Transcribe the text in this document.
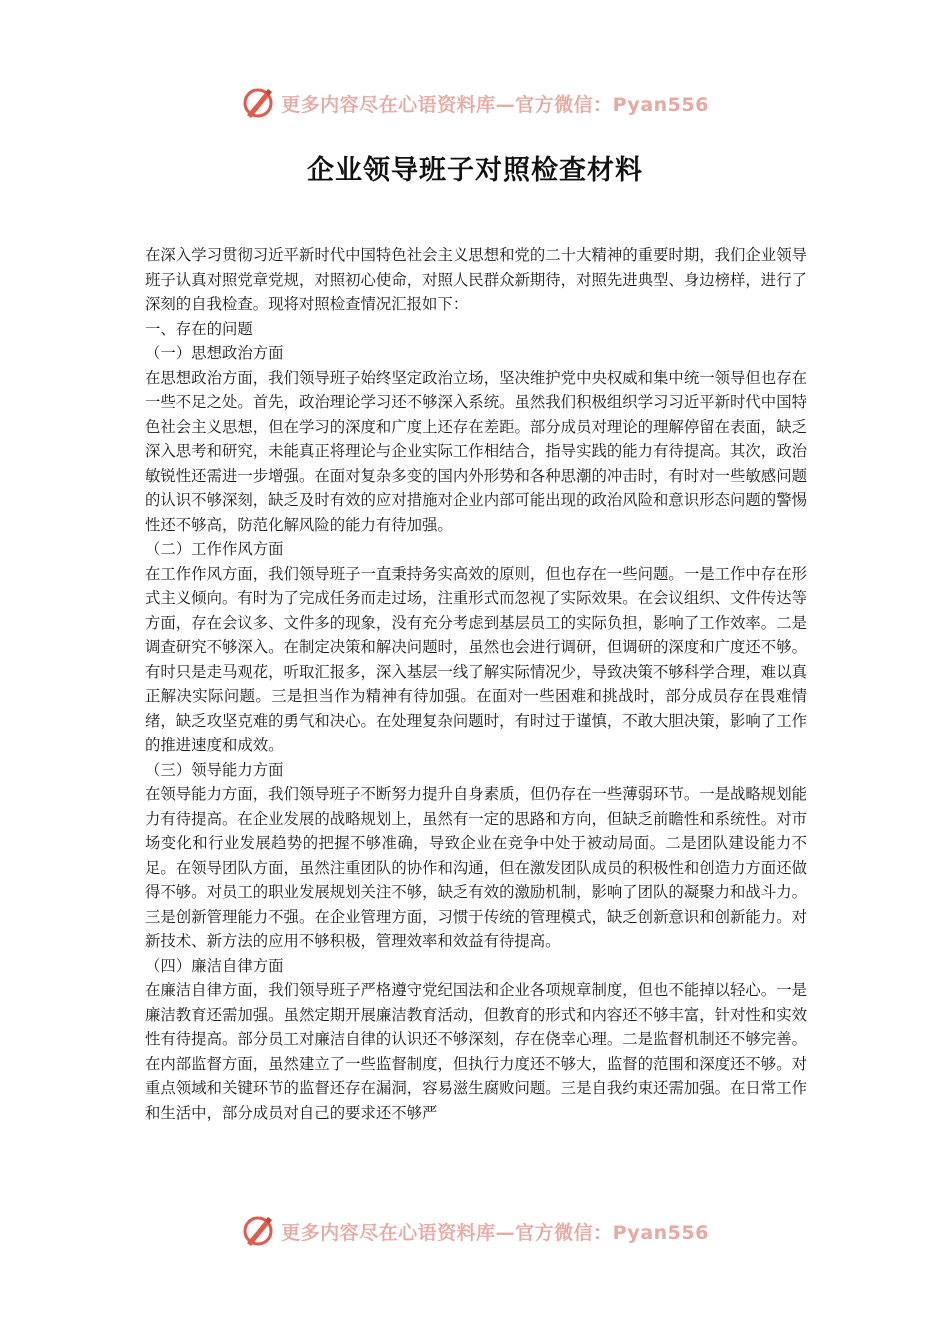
更多内容尽在心语资料库—官方微信：Pyan556
企业领导班子对照检查材料

在深入学习贯彻习近平新时代中国特色社会主义思想和党的二十大精神的重要时期，我们企业领导班子认真对照党章党规，对照初心使命，对照人民群众新期待，对照先进典型、身边榜样，进行了深刻的自我检查。现将对照检查情况汇报如下：

一、存在的问题

（一）思想政治方面

在思想政治方面，我们领导班子始终坚定政治立场，坚决维护党中央权威和集中统一领导但也存在一些不足之处。首先，政治理论学习还不够深入系统。虽然我们积极组织学习习近平新时代中国特色社会主义思想，但在学习的深度和广度上还存在差距。部分成员对理论的理解停留在表面，缺乏深入思考和研究，未能真正将理论与企业实际工作相结合，指导实践的能力有待提高。其次，政治敏锐性还需进一步增强。在面对复杂多变的国内外形势和各种思潮的冲击时，有时对一些敏感问题的认识不够深刻，缺乏及时有效的应对措施对企业内部可能出现的政治风险和意识形态问题的警惕性还不够高，防范化解风险的能力有待加强。

（二）工作作风方面

在工作作风方面，我们领导班子一直秉持务实高效的原则，但也存在一些问题。一是工作中存在形式主义倾向。有时为了完成任务而走过场，注重形式而忽视了实际效果。在会议组织、文件传达等方面，存在会议多、文件多的现象，没有充分考虑到基层员工的实际负担，影响了工作效率。二是调查研究不够深入。在制定决策和解决问题时，虽然也会进行调研，但调研的深度和广度还不够。有时只是走马观花，听取汇报多，深入基层一线了解实际情况少，导致决策不够科学合理，难以真正解决实际问题。三是担当作为精神有待加强。在面对一些困难和挑战时，部分成员存在畏难情绪，缺乏攻坚克难的勇气和决心。在处理复杂问题时，有时过于谨慎，不敢大胆决策，影响了工作的推进速度和成效。

（三）领导能力方面

在领导能力方面，我们领导班子不断努力提升自身素质，但仍存在一些薄弱环节。一是战略规划能力有待提高。在企业发展的战略规划上，虽然有一定的思路和方向，但缺乏前瞻性和系统性。对市场变化和行业发展趋势的把握不够准确，导致企业在竞争中处于被动局面。二是团队建设能力不足。在领导团队方面，虽然注重团队的协作和沟通，但在激发团队成员的积极性和创造力方面还做得不够。对员工的职业发展规划关注不够，缺乏有效的激励机制，影响了团队的凝聚力和战斗力。三是创新管理能力不强。在企业管理方面，习惯于传统的管理模式，缺乏创新意识和创新能力。对新技术、新方法的应用不够积极，管理效率和效益有待提高。

（四）廉洁自律方面

在廉洁自律方面，我们领导班子严格遵守党纪国法和企业各项规章制度，但也不能掉以轻心。一是廉洁教育还需加强。虽然定期开展廉洁教育活动，但教育的形式和内容还不够丰富，针对性和实效性有待提高。部分员工对廉洁自律的认识还不够深刻，存在侥幸心理。二是监督机制还不够完善。在内部监督方面，虽然建立了一些监督制度，但执行力度还不够大，监督的范围和深度还不够。对重点领域和关键环节的监督还存在漏洞，容易滋生腐败问题。三是自我约束还需加强。在日常工作和生活中，部分成员对自己的要求还不够严

更多内容尽在心语资料库—官方微信：Pyan556
